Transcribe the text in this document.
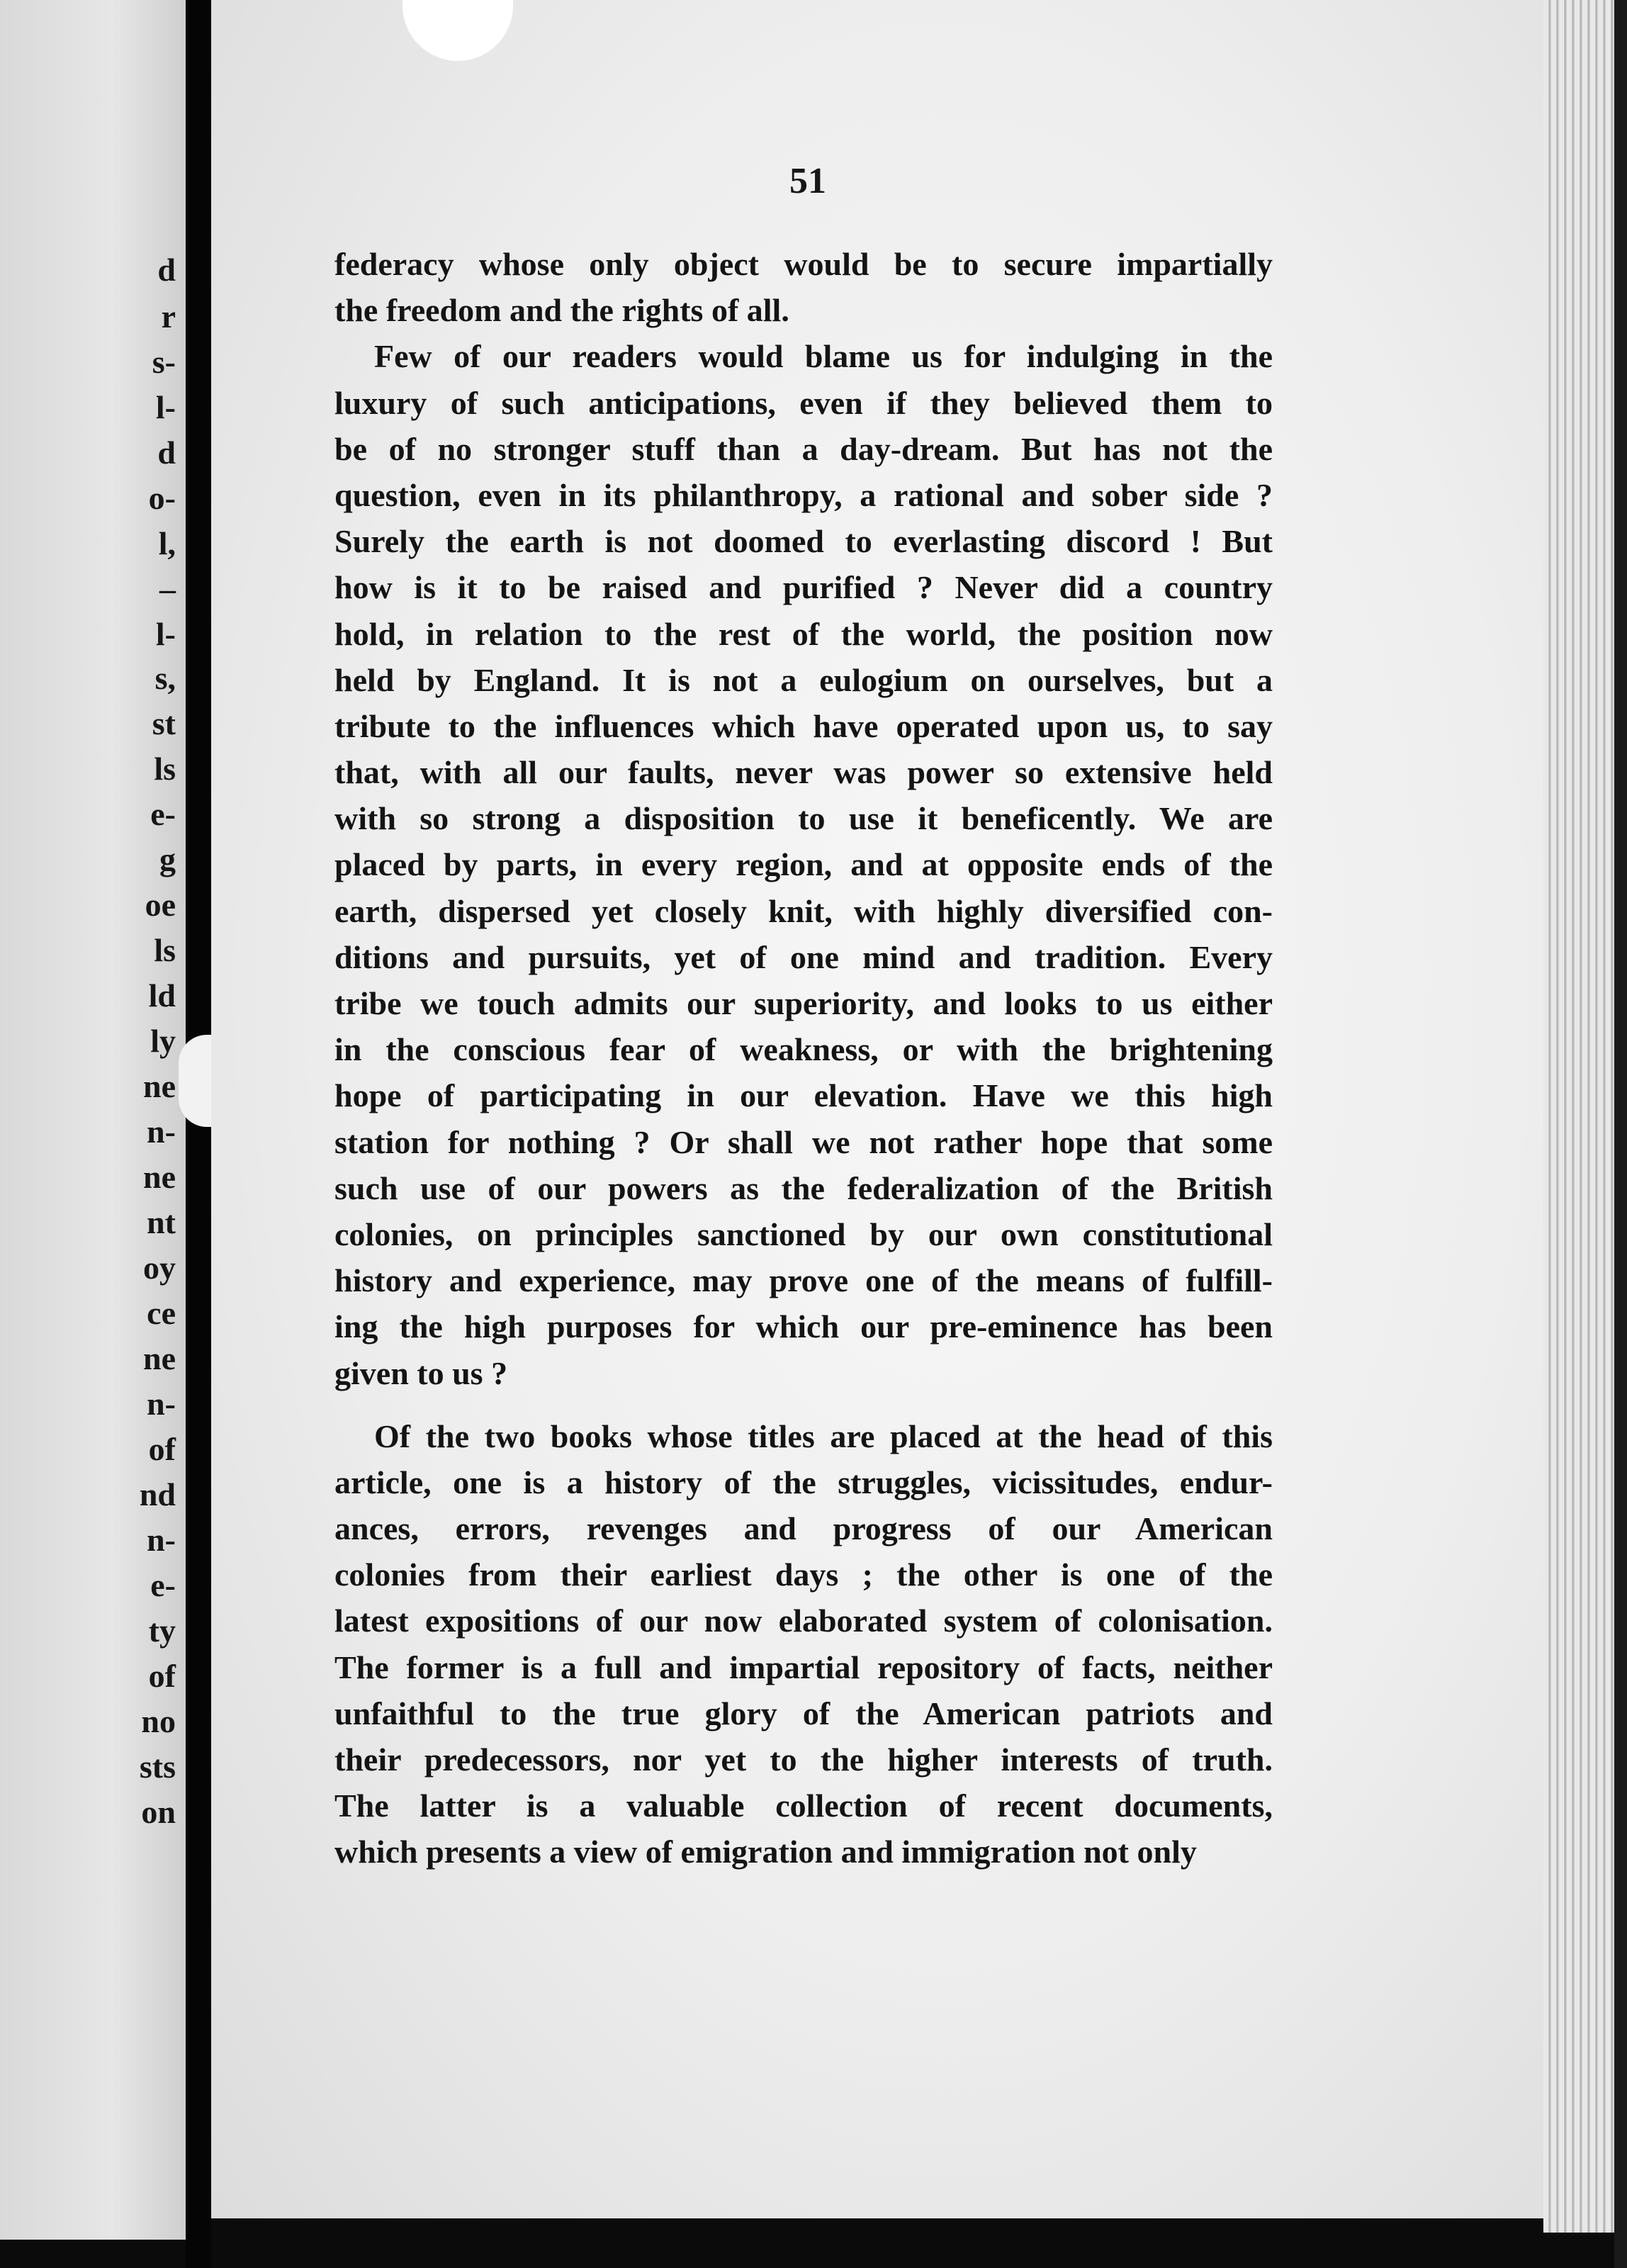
d
r
s-
l-
d
o-
l,
–
l-
s,
st
ls
e-
g
oe
ls
ld
ly
ne
n-
ne
nt
oy
ce
ne
n-
of
nd
n-
e-
ty
of
no
sts
on
51

federacy whose only object would be to secure impartially
the freedom and the rights of all.

Few of our readers would blame us for indulging in the
luxury of such anticipations, even if they believed them to
be of no stronger stuff than a day-dream. But has not the
question, even in its philanthropy, a rational and sober side ?
Surely the earth is not doomed to everlasting discord ! But
how is it to be raised and purified ? Never did a country
hold, in relation to the rest of the world, the position now
held by England. It is not a eulogium on ourselves, but a
tribute to the influences which have operated upon us, to say
that, with all our faults, never was power so extensive held
with so strong a disposition to use it beneficently. We are
placed by parts, in every region, and at opposite ends of the
earth, dispersed yet closely knit, with highly diversified con-
ditions and pursuits, yet of one mind and tradition. Every
tribe we touch admits our superiority, and looks to us either
in the conscious fear of weakness, or with the brightening
hope of participating in our elevation. Have we this high
station for nothing ? Or shall we not rather hope that some
such use of our powers as the federalization of the British
colonies, on principles sanctioned by our own constitutional
history and experience, may prove one of the means of fulfill-
ing the high purposes for which our pre-eminence has been
given to us ?

Of the two books whose titles are placed at the head of this
article, one is a history of the struggles, vicissitudes, endur-
ances, errors, revenges and progress of our American
colonies from their earliest days ; the other is one of the
latest expositions of our now elaborated system of colonisation.
The former is a full and impartial repository of facts, neither
unfaithful to the true glory of the American patriots and
their predecessors, nor yet to the higher interests of truth.
The latter is a valuable collection of recent documents,
which presents a view of emigration and immigration not only
